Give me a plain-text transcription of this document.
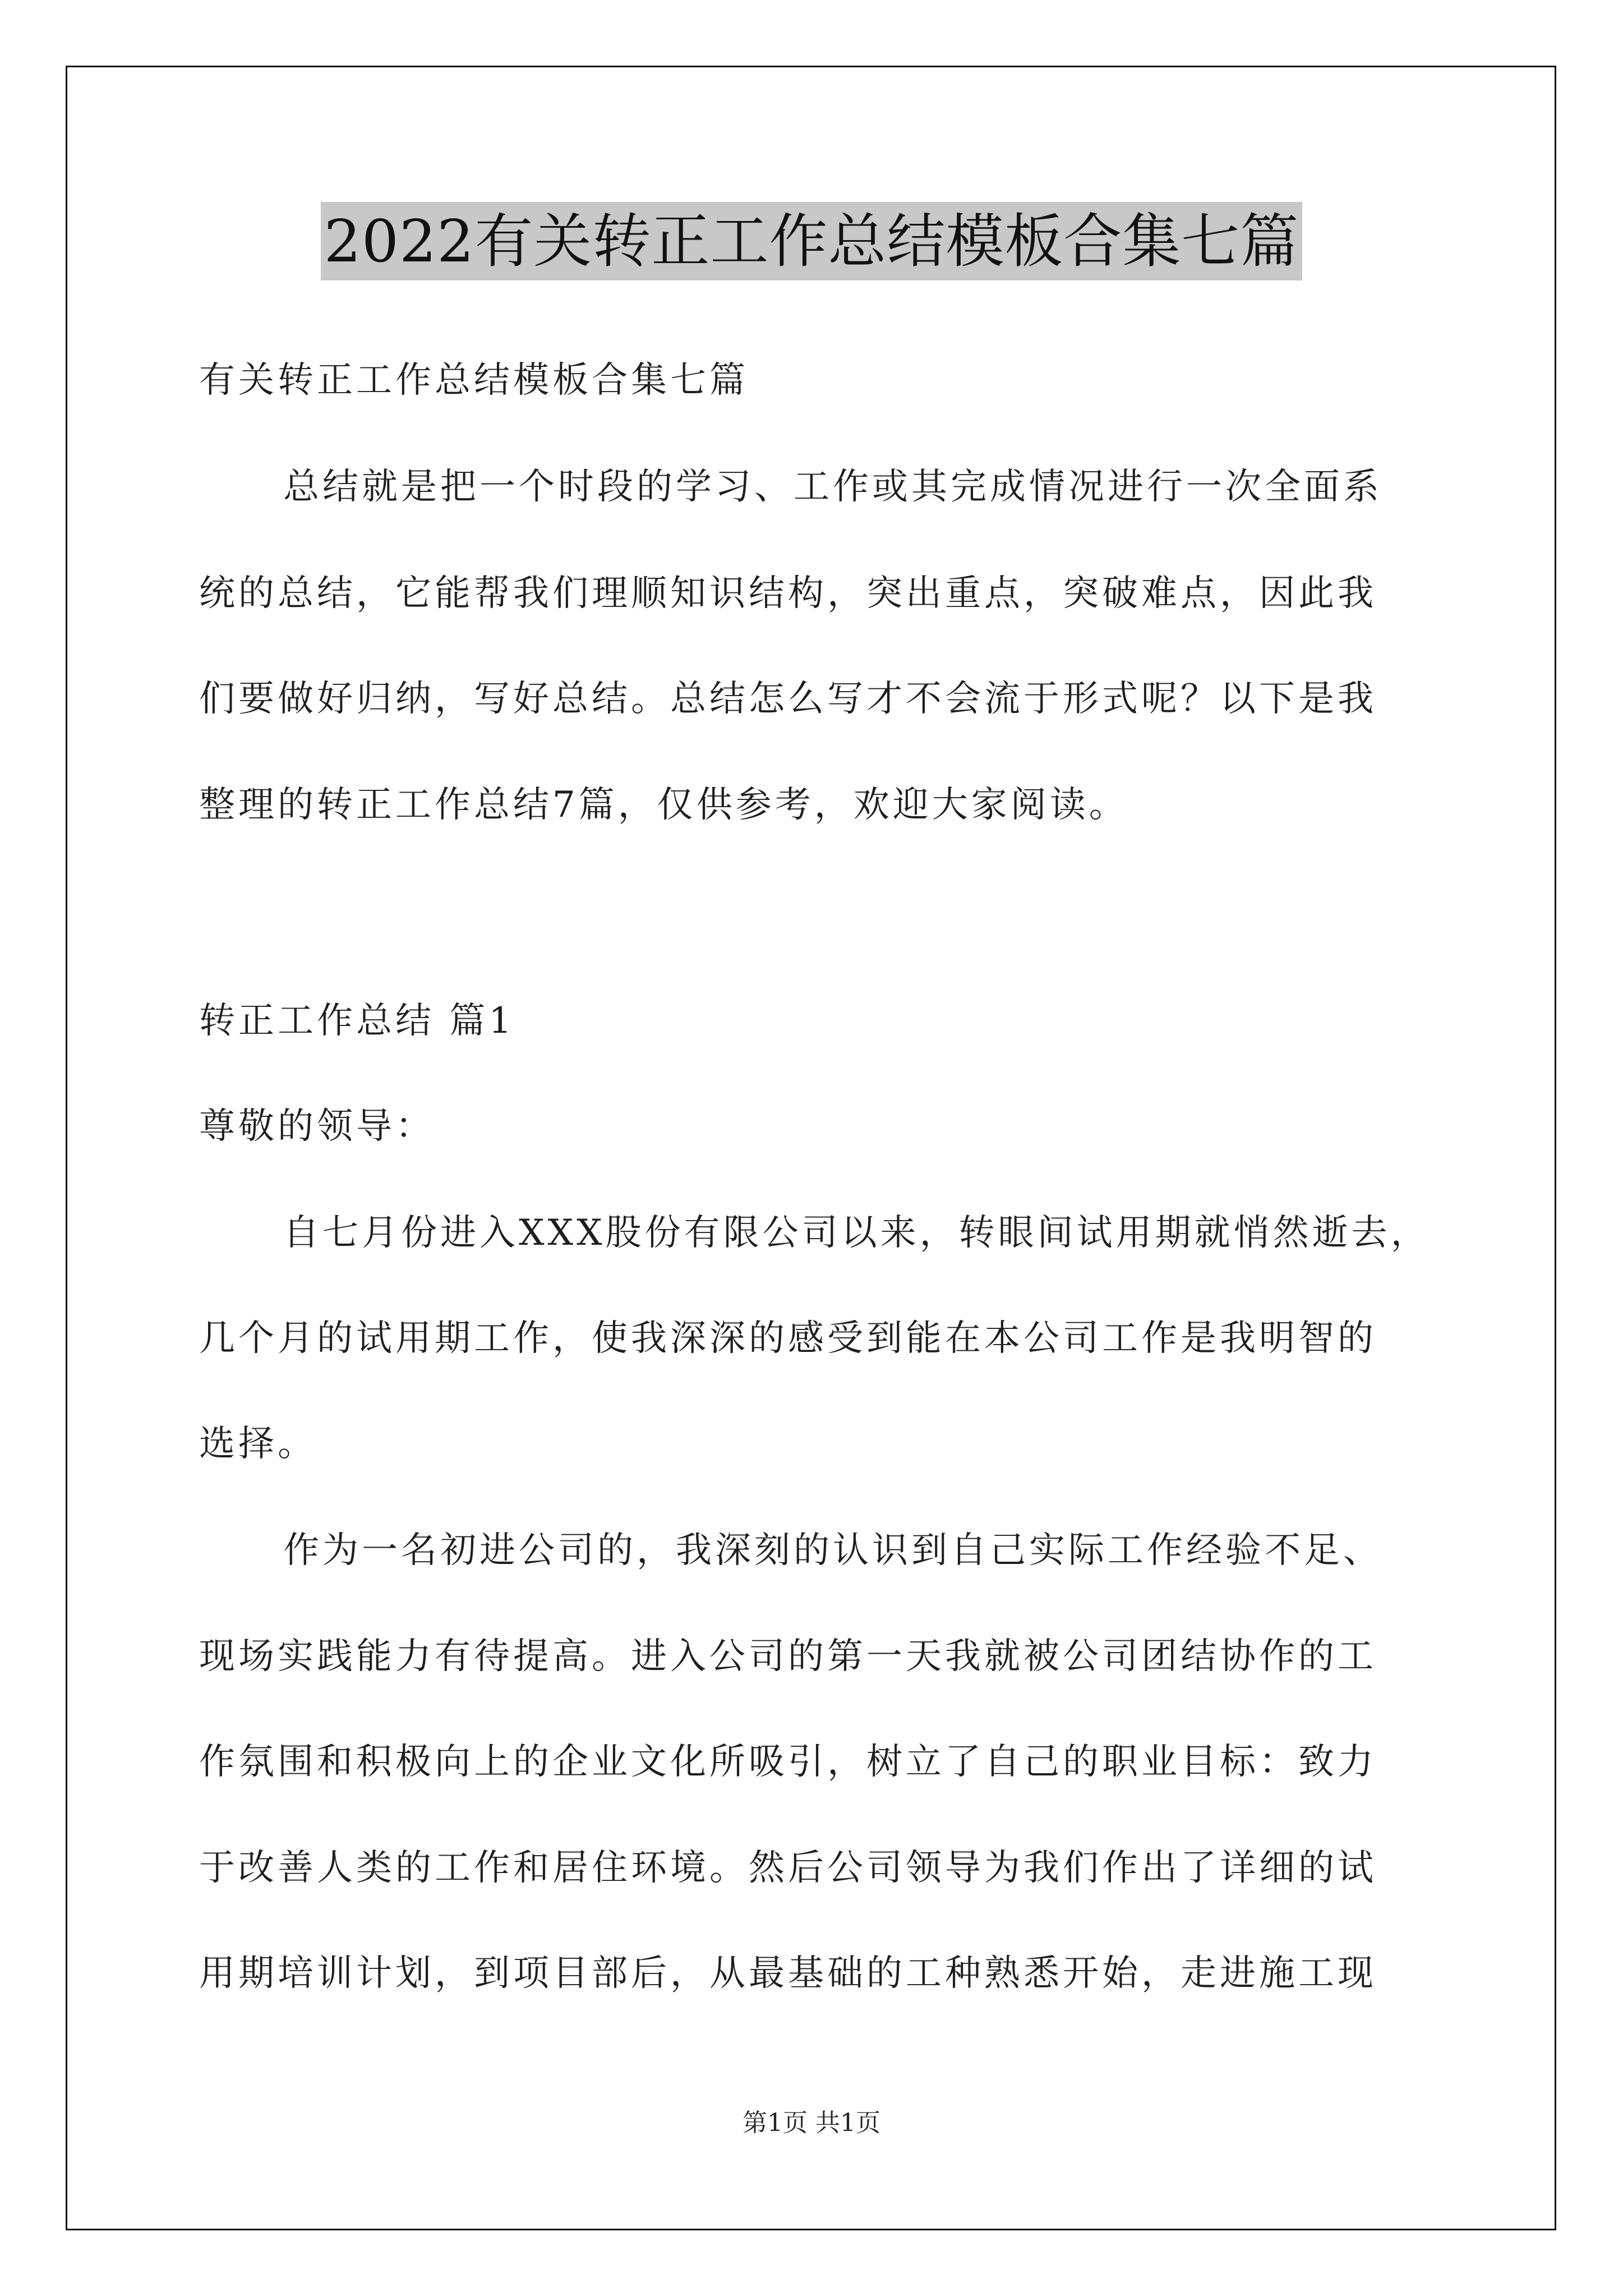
2022有关转正工作总结模板合集七篇
有关转正工作总结模板合集七篇
总结就是把一个时段的学习、工作或其完成情况进行一次全面系
统的总结，它能帮我们理顺知识结构，突出重点，突破难点，因此我
们要做好归纳，写好总结。总结怎么写才不会流于形式呢？以下是我
整理的转正工作总结7篇，仅供参考，欢迎大家阅读。
转正工作总结 篇1
尊敬的领导：
自七月份进入XXX股份有限公司以来，转眼间试用期就悄然逝去，
几个月的试用期工作，使我深深的感受到能在本公司工作是我明智的
选择。
作为一名初进公司的，我深刻的认识到自己实际工作经验不足、
现场实践能力有待提高。进入公司的第一天我就被公司团结协作的工
作氛围和积极向上的企业文化所吸引，树立了自己的职业目标：致力
于改善人类的工作和居住环境。然后公司领导为我们作出了详细的试
用期培训计划，到项目部后，从最基础的工种熟悉开始，走进施工现
第1页 共1页
